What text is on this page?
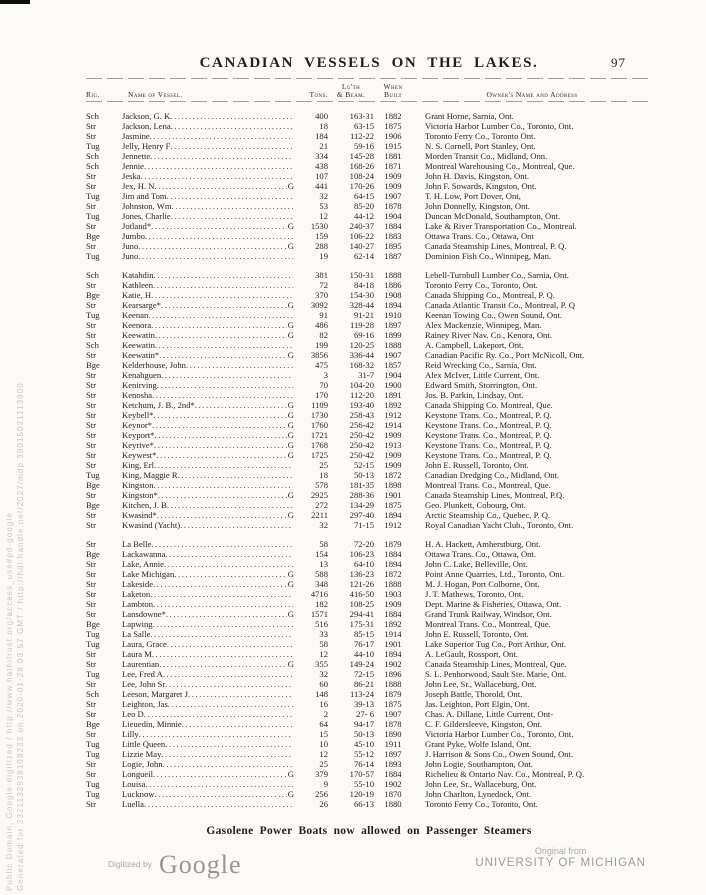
Public Domain, Google-digitized / http://www.hathitrust.org/access_use#pd-google Generated for 2321132938198233 on 2020-01-28 03:57 GMT / http://hdl.handle.net/2027/mdp.39015021113900
CANADIAN VESSELS ON THE LAKES.	97
Rig.	Name of Vessel.	Tons.
Lg'th
& Beam.
When
Built	Owner's Name and Address
Sch	Jackson, G. K .....	400	163-31	1882	Grant Horne, Sarnia, Ont.
Str	Jackson, Lena .....	18	63-15	1875	Victoria Harbor Lumber Co., Toronto, Ont.
Str	Jasmine .....	184	112-22	1906	Toronto Ferry Co., Toronto Ont.
Tug	Jelly, Henry F .....	21	59-16	1915	N. S. Cornell, Port Stanley, Ont.
Sch	Jennette .....	334	145-28	1881	Morden Transit Co., Midland, Onn.
Sch	Jennie .....	438	168-26	1871	Montreal Warehousing Co., Montreal, Que.
Str	Jeska .....	107	108-24	1909	John H. Davis, Kingston, Ont.
Str	Jex, H. N .....	G	441	170-26	1909	John F. Sowards, Kingston, Ont.
Tug	Jim and Tom .....	32	64-15	1907	T. H. Low, Port Dover, Ont,
Str	Johnston, Wm .....	53	85-20	1878	John Donnelly, Kingston, Ont.
Tug	Jones, Charlie .....	12	44-12	1904	Duncan McDonald, Southampton, Ont.
Str	Jotland* .....	G	1530	240-37	1884	Lake & River Transportation Co., Montreal.
Bge	Jumbo .....	159	106-22	1883	Ottawa Trans. Co., Ottawa, Ont
Str	Juno .....	G	288	140-27	1895	Canada Steamship Lines, Montreal, P. Q.
Tug	Juno .....	19	62-14	1887	Dominion Fish Co., Winnipeg, Man.
Sch	Katahdin .....	381	150-31	1888	Lebell-Turnbull Lumber Co., Sarnia, Ont.
Str	Kathleen .....	72	84-18	1886	Toronto Ferry Co., Toronto, Ont.
Bge	Katie, H .....	370	154-30	1908	Canada Shipping Co., Montreal, P. Q.
Str	Kearsarge* .....	G	3092	328-44	1894	Canada Atlantic Transit Co., Montreal, P. Q
Tug	Keenan .....	91	91-21	1910	Keenan Towing Co., Owen Sound, Ont.
Str	Keenora .....	G	486	119-28	1897	Alex Mackenzie, Winnipeg, Man.
Str	Keewatin .....	G	82	69-16	1899	Rainey River Nav. Co., Kenora, Ont.
Sch	Keewatin .....	199	120-25	1888	A. Campbell, Lakeport, Ont.
Str	Keewatin* .....	G	3856	336-44	1907	Canadian Pacific Ry. Co., Port McNicoll, Ont.
Bge	Kelderhouse, John .....	475	168-32	1857	Reid Wrecking Co., Sarnia, Ont.
Str	Kenahguen .....	3	31-7	1904	Alex McIver, Little Current, Ont.
Str	Kenirving .....	70	104-20	1900	Edward Smith, Storrington, Ont.
Str	Kenosha .....	170	112-20	1891	Jos. B. Parkin, Lindsay, Ont.
Str	Ketchum, J. B., 2nd* .....	G	1109	193-40	1892	Canada Shipping Co. Montreal, Que.
Str	Keybell* .....	G	1730	258-43	1912	Keystone Trans. Co., Montreal, P. Q.
Str	Keynor* .....	G	1760	256-42	1914	Keystone Trans. Co., Montreal, P. Q.
Str	Keyport* .....	G	1721	250-42	1909	Keystone Trans. Co., Montreal, P. Q.
Str	Keyrive* .....	G	1768	250-42	1913	Keystone Trans. Co., Montreal, P. Q.
Str	Keywest* .....	G	1725	250-42	1909	Keystone Trans. Co., Montreal, P. Q.
Str	King, Erl .....	25	52-15	1909	John E. Russell, Toronto, Ont.
Tug	King, Maggie R .....	18	50-13	1872	Canadian Dredging Co., Midland, Ont.
Bge	Kingston .....	578	181-35	1898	Montreal Trans. Co., Montreal, Que.
Str	Kingston* .....	G	2925	288-36	1901	Canada Steamship Lines, Montreal, P.Q.
Bge	Kitchen, J. B .....	272	134-29	1875	Geo. Plunkett, Cobourg, Ont.
Str	Kwasind* .....	G	2211	297-40	1894	Arctic Steamship Co., Quebec, P. Q.
Str	Kwasind (Yacht) .....	32	71-15	1912	Royal Canadian Yacht Club., Toronto, Ont.
Str	La Belle .....	58	72-20	1879	H. A. Hackett, Amherstburg, Ont.
Bge	Lackawanna .....	154	106-23	1884	Ottawa Trans. Co., Ottawa, Ont.
Str	Lake, Annie .....	13	64-10	1894	John C. Lake, Belleville, Ont.
Str	Lake Michigan .....	G	588	136-23	1872	Point Anne Quarries, Ltd., Toronto, Ont.
Str	Lakeside .....	G	348	121-26	1888	M. J. Hogan, Port Colborne, Ont.
Str	Laketon .....	4716	416-50	1903	J. T. Mathews, Toronto, Ont.
Str	Lambton .....	182	108-25	1909	Dept. Marine & Fisheries, Ottawa, Ont.
Str	Lansdowne* .....	G	1571	294-41	1884	Grand Trunk Railway, Windsor, Ont.
Bge	Lapwing .....	516	175-31	1892	Montreal Trans. Co., Montreal, Que.
Tug	La Salle .....	33	85-15	1914	John E. Russell, Toronto, Ont.
Tug	Laura, Grace .....	58	76-17	1901	Lake Superior Tug Co., Port Arthur, Ont.
Str	Laura M .....	12	44-10	1894	A. LeGault, Rossport, Ont.
Str	Laurentian .....	G	355	149-24	1902	Canada Steamship Lines, Montreal, Que.
Tug	Lee, Fred A .....	32	72-15	1896	S. L. Penhorwood, Sault Ste. Marie, Ont.
Str	Lee, John Sr .....	60	86-21	1888	John Lee, Sr., Wallaceburg, Ont.
Sch	Leeson, Margaret J .....	148	113-24	1879	Joseph Battle, Thorold, Ont.
Str	Leighton, Jas .....	16	39-13	1875	Jas. Leighton, Port Elgin, Ont.
Str	Leo D .....	2	27- 6	1907	Chas. A. Dillane, Little Current, Ont-
Bge	Lieuedin, Minnie .....	64	94-17	1878	C. F. Gildersleeve, Kingston, Ont.
Str	Lilly .....	15	50-13	1890	Victoria Harbor Lumber Co., Toronto, Ont.
Tug	Little Queen .....	10	45-10	1911	Grant Pyke, Wolfe Island, Ont.
Tug	Lizzie May .....	12	55-12	1897	J. Harrison & Sons Co., Owen Sound, Ont.
Str	Logie, John .....	25	76-14	1893	John Logie, Southampton, Ont.
Str	Longueil .....	G	379	170-57	1884	Richelieu & Ontario Nav. Co., Montreal, P. Q.
Tug	Louisa .....	9	55-10	1902	John Lee, Sr., Wallaceburg, Ont.
Tug	Lucknow .....	G	256	120-19	1870	John Charlton, Lynedock, Ont.
Str	Luella .....	26	66-13	1880	Toronto Ferry Co., Toronto, Ont.
Gasolene Power Boats now allowed on Passenger Steamers
$^{Digitized by}$ Google	Original from
UNIVERSITY OF MICHIGAN
